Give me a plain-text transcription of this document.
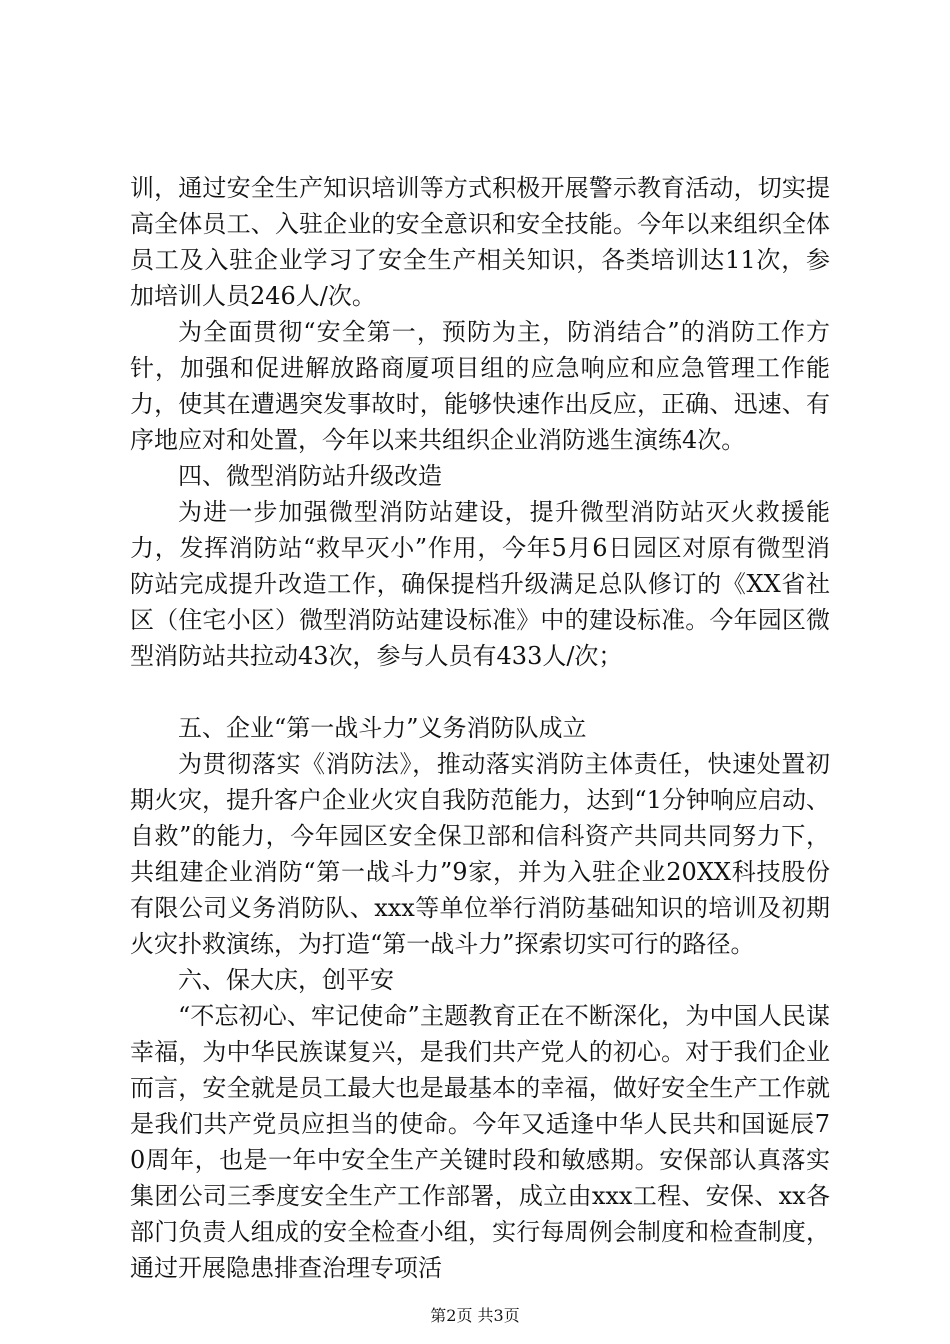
训，通过安全生产知识培训等方式积极开展警示教育活动，切实提高全体员工、入驻企业的安全意识和安全技能。今年以来组织全体员工及入驻企业学习了安全生产相关知识，各类培训达11次，参加培训人员246人/次。

为全面贯彻“安全第一，预防为主，防消结合”的消防工作方针，加强和促进解放路商厦项目组的应急响应和应急管理工作能力，使其在遭遇突发事故时，能够快速作出反应，正确、迅速、有序地应对和处置，今年以来共组织企业消防逃生演练4次。

四、微型消防站升级改造

为进一步加强微型消防站建设，提升微型消防站灭火救援能力，发挥消防站“救早灭小”作用，今年5月6日园区对原有微型消防站完成提升改造工作，确保提档升级满足总队修订的《XX省社区（住宅小区）微型消防站建设标准》中的建设标准。今年园区微型消防站共拉动43次，参与人员有433人/次；

五、企业“第一战斗力”义务消防队成立

为贯彻落实《消防法》，推动落实消防主体责任，快速处置初期火灾，提升客户企业火灾自我防范能力，达到“1分钟响应启动、自救”的能力，今年园区安全保卫部和信科资产共同共同努力下，共组建企业消防“第一战斗力”9家，并为入驻企业20XX科技股份有限公司义务消防队、xxx等单位举行消防基础知识的培训及初期火灾扑救演练，为打造“第一战斗力”探索切实可行的路径。

六、保大庆，创平安

“不忘初心、牢记使命”主题教育正在不断深化，为中国人民谋幸福，为中华民族谋复兴，是我们共产党人的初心。对于我们企业而言，安全就是员工最大也是最基本的幸福，做好安全生产工作就是我们共产党员应担当的使命。今年又适逢中华人民共和国诞辰70周年，也是一年中安全生产关键时段和敏感期。安保部认真落实集团公司三季度安全生产工作部署，成立由xxx工程、安保、xx各部门负责人组成的安全检查小组，实行每周例会制度和检查制度，通过开展隐患排查治理专项活

第2页 共3页
